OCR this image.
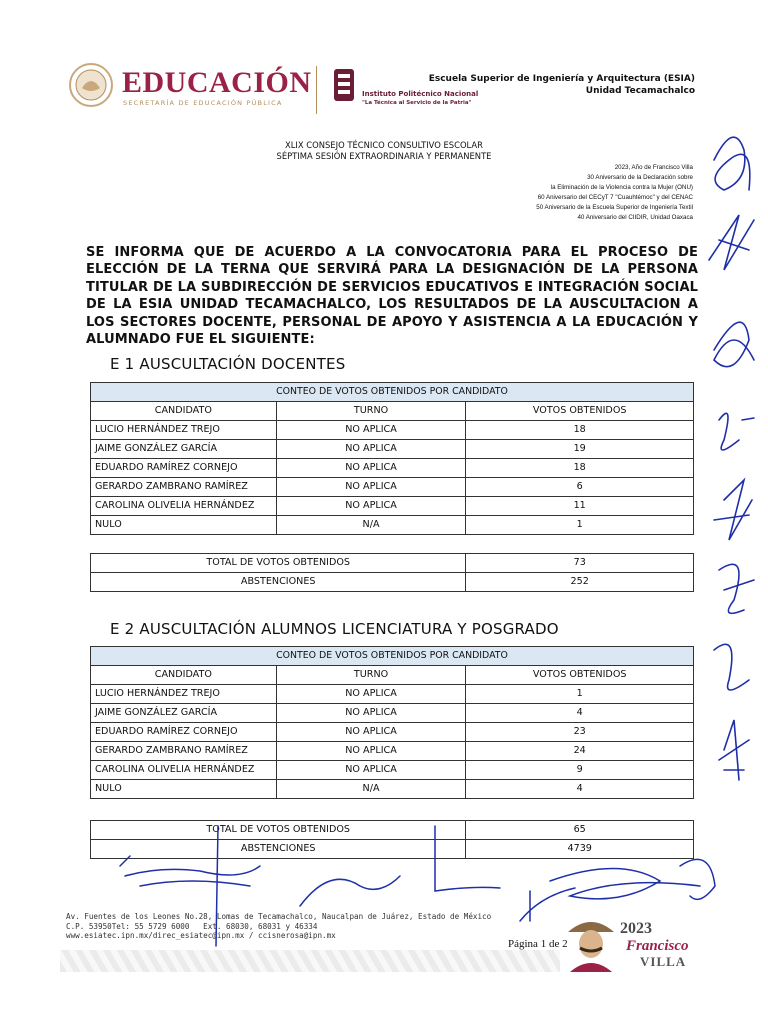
EDUCACIÓN
SECRETARÍA DE EDUCACIÓN PÚBLICA
Instituto Politécnico Nacional
"La Técnica al Servicio de la Patria"
Escuela Superior de Ingeniería y Arquitectura (ESIA)
Unidad Tecamachalco
XLIX CONSEJO TÉCNICO CONSULTIVO ESCOLAR
SÉPTIMA SESIÓN EXTRAORDINARIA Y PERMANENTE
2023, Año de Francisco Villa
30 Aniversario de la Declaración sobre
la Eliminación de la Violencia contra la Mujer (ONU)
60 Aniversario del CECyT 7 "Cuauhtémoc" y del CENAC
50 Aniversario de la Escuela Superior de Ingeniería Textil
40 Aniversario del CIIDIR, Unidad Oaxaca
SE INFORMA QUE DE ACUERDO A LA CONVOCATORIA PARA EL PROCESO DE ELECCIÓN DE LA TERNA QUE SERVIRÁ PARA LA DESIGNACIÓN DE LA PERSONA TITULAR DE LA SUBDIRECCIÓN DE SERVICIOS EDUCATIVOS E INTEGRACIÓN SOCIAL DE LA ESIA UNIDAD TECAMACHALCO, LOS RESULTADOS DE LA AUSCULTACION A LOS SECTORES DOCENTE, PERSONAL DE APOYO Y ASISTENCIA A LA EDUCACIÓN Y ALUMNADO FUE EL SIGUIENTE:
E 1 AUSCULTACIÓN DOCENTES
CONTEO DE VOTOS OBTENIDOS POR CANDIDATO		
CANDIDATO	TURNO	VOTOS OBTENIDOS
LUCIO HERNÁNDEZ TREJO	NO APLICA	18
JAIME GONZÁLEZ GARCÍA	NO APLICA	19
EDUARDO RAMÍREZ CORNEJO	NO APLICA	18
GERARDO ZAMBRANO RAMÍREZ	NO APLICA	6
CAROLINA OLIVELIA HERNÁNDEZ	NO APLICA	11
NULO	N/A	1
TOTAL DE VOTOS OBTENIDOS	73
ABSTENCIONES	252
E 2 AUSCULTACIÓN ALUMNOS LICENCIATURA Y POSGRADO
CONTEO DE VOTOS OBTENIDOS POR CANDIDATO		
CANDIDATO	TURNO	VOTOS OBTENIDOS
LUCIO HERNÁNDEZ TREJO	NO APLICA	1
JAIME GONZÁLEZ GARCÍA	NO APLICA	4
EDUARDO RAMÍREZ CORNEJO	NO APLICA	23
GERARDO ZAMBRANO RAMÍREZ	NO APLICA	24
CAROLINA OLIVELIA HERNÁNDEZ	NO APLICA	9
NULO	N/A	4
TOTAL DE VOTOS OBTENIDOS	65
ABSTENCIONES	4739
Av. Fuentes de los Leones No.28, Lomas de Tecamachalco, Naucalpan de Juárez, Estado de México
C.P. 53950Tel: 55 5729 6000   Ext. 68030, 68031 y 46334
www.esiatec.ipn.mx/direc_esiatec@ipn.mx / ccisnerosa@ipn.mx
Página 1 de 2
2023
Francisco
VILLA
